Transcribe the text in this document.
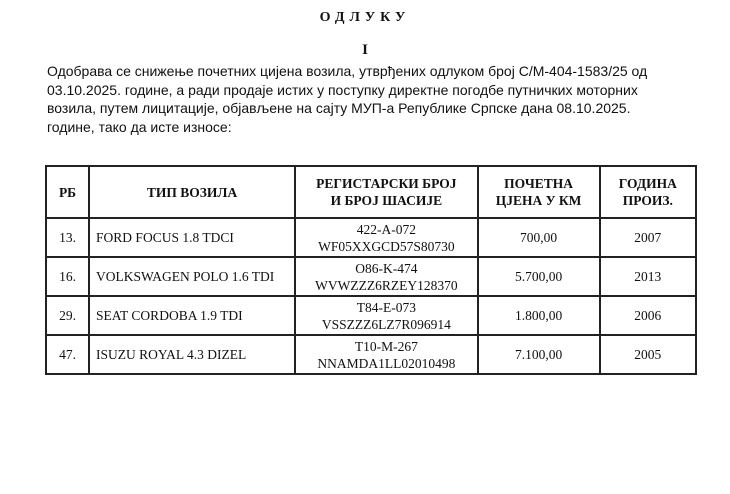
ОДЛУКУ
I
Одобрава се снижење почетних цијена возила, утврђених одлуком број С/М-404-1583/25 од
03.10.2025. године, а ради продаје истих у поступку директне погодбе путничких моторних
возила, путем лицитације, објављене на сајту МУП-а Републике Српске дана 08.10.2025.
године, тако да исте износе:
РБ	ТИП ВОЗИЛА	РЕГИСТАРСКИ БРОЈ
И БРОЈ ШАСИЈЕ	ПОЧЕТНА
ЦЈЕНА У КМ	ГОДИНА
ПРОИЗ.

13.	FORD FOCUS 1.8 TDCI	422-A-072
WF05XXGCD57S80730	700,00	2007
16.	VOLKSWAGEN POLO 1.6 TDI	O86-K-474
WVWZZZ6RZEY128370	5.700,00	2013
29.	SEAT CORDOBA 1.9 TDI	T84-E-073
VSSZZZ6LZ7R096914	1.800,00	2006
47.	ISUZU ROYAL 4.3 DIZEL	T10-M-267
NNAMDA1LL02010498	7.100,00	2005
